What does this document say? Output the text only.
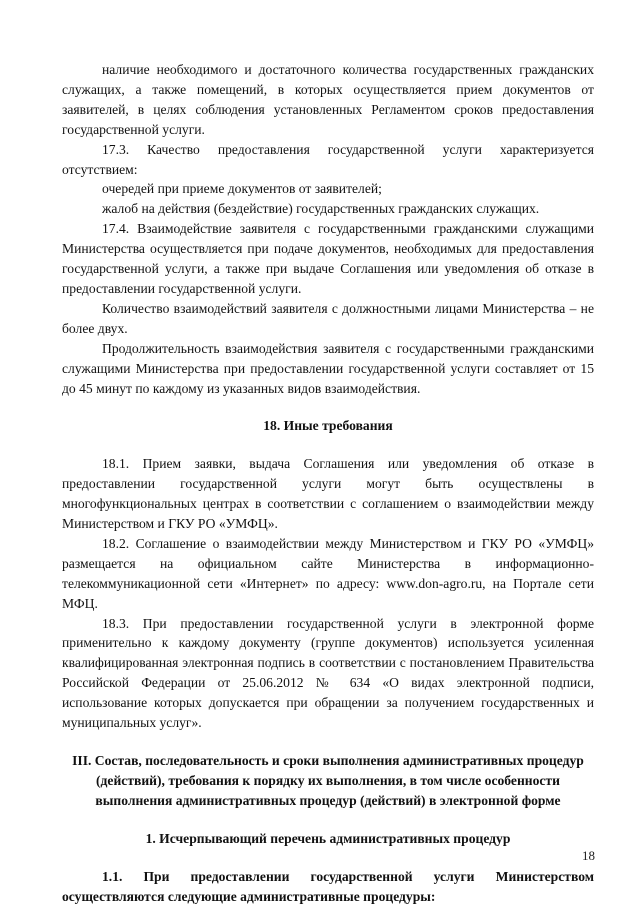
наличие необходимого и достаточного количества государственных гражданских служащих, а также помещений, в которых осуществляется прием документов от заявителей, в целях соблюдения установленных Регламентом сроков предоставления государственной услуги.

17.3. Качество предоставления государственной услуги характеризуется отсутствием:

очередей при приеме документов от заявителей;

жалоб на действия (бездействие) государственных гражданских служащих.

17.4. Взаимодействие заявителя с государственными гражданскими служащими Министерства осуществляется при подаче документов, необходимых для предоставления государственной услуги, а также при выдаче Соглашения или уведомления об отказе в предоставлении государственной услуги.

Количество взаимодействий заявителя с должностными лицами Министерства – не более двух.

Продолжительность взаимодействия заявителя с государственными гражданскими служащими Министерства при предоставлении государственной услуги составляет от 15 до 45 минут по каждому из указанных видов взаимодействия.

18. Иные требования

18.1. Прием заявки, выдача Соглашения или уведомления об отказе в предоставлении государственной услуги могут быть осуществлены в многофункциональных центрах в соответствии с соглашением о взаимодействии между Министерством и ГКУ РО «УМФЦ».

18.2. Соглашение о взаимодействии между Министерством и ГКУ РО «УМФЦ» размещается на официальном сайте Министерства в информационно-телекоммуникационной сети «Интернет» по адресу: www.don-agro.ru, на Портале сети МФЦ.

18.3. При предоставлении государственной услуги в электронной форме применительно к каждому документу (группе документов) используется усиленная квалифицированная электронная подпись в соответствии с постановлением Правительства Российской Федерации от 25.06.2012 № 634 «О видах электронной подписи, использование которых допускается при обращении за получением государственных и муниципальных услуг».

III. Состав, последовательность и сроки выполнения административных процедур (действий), требования к порядку их выполнения, в том числе особенности выполнения административных процедур (действий) в электронной форме

1. Исчерпывающий перечень административных процедур

1.1. При предоставлении государственной услуги Министерством осуществляются следующие административные процедуры:

18
